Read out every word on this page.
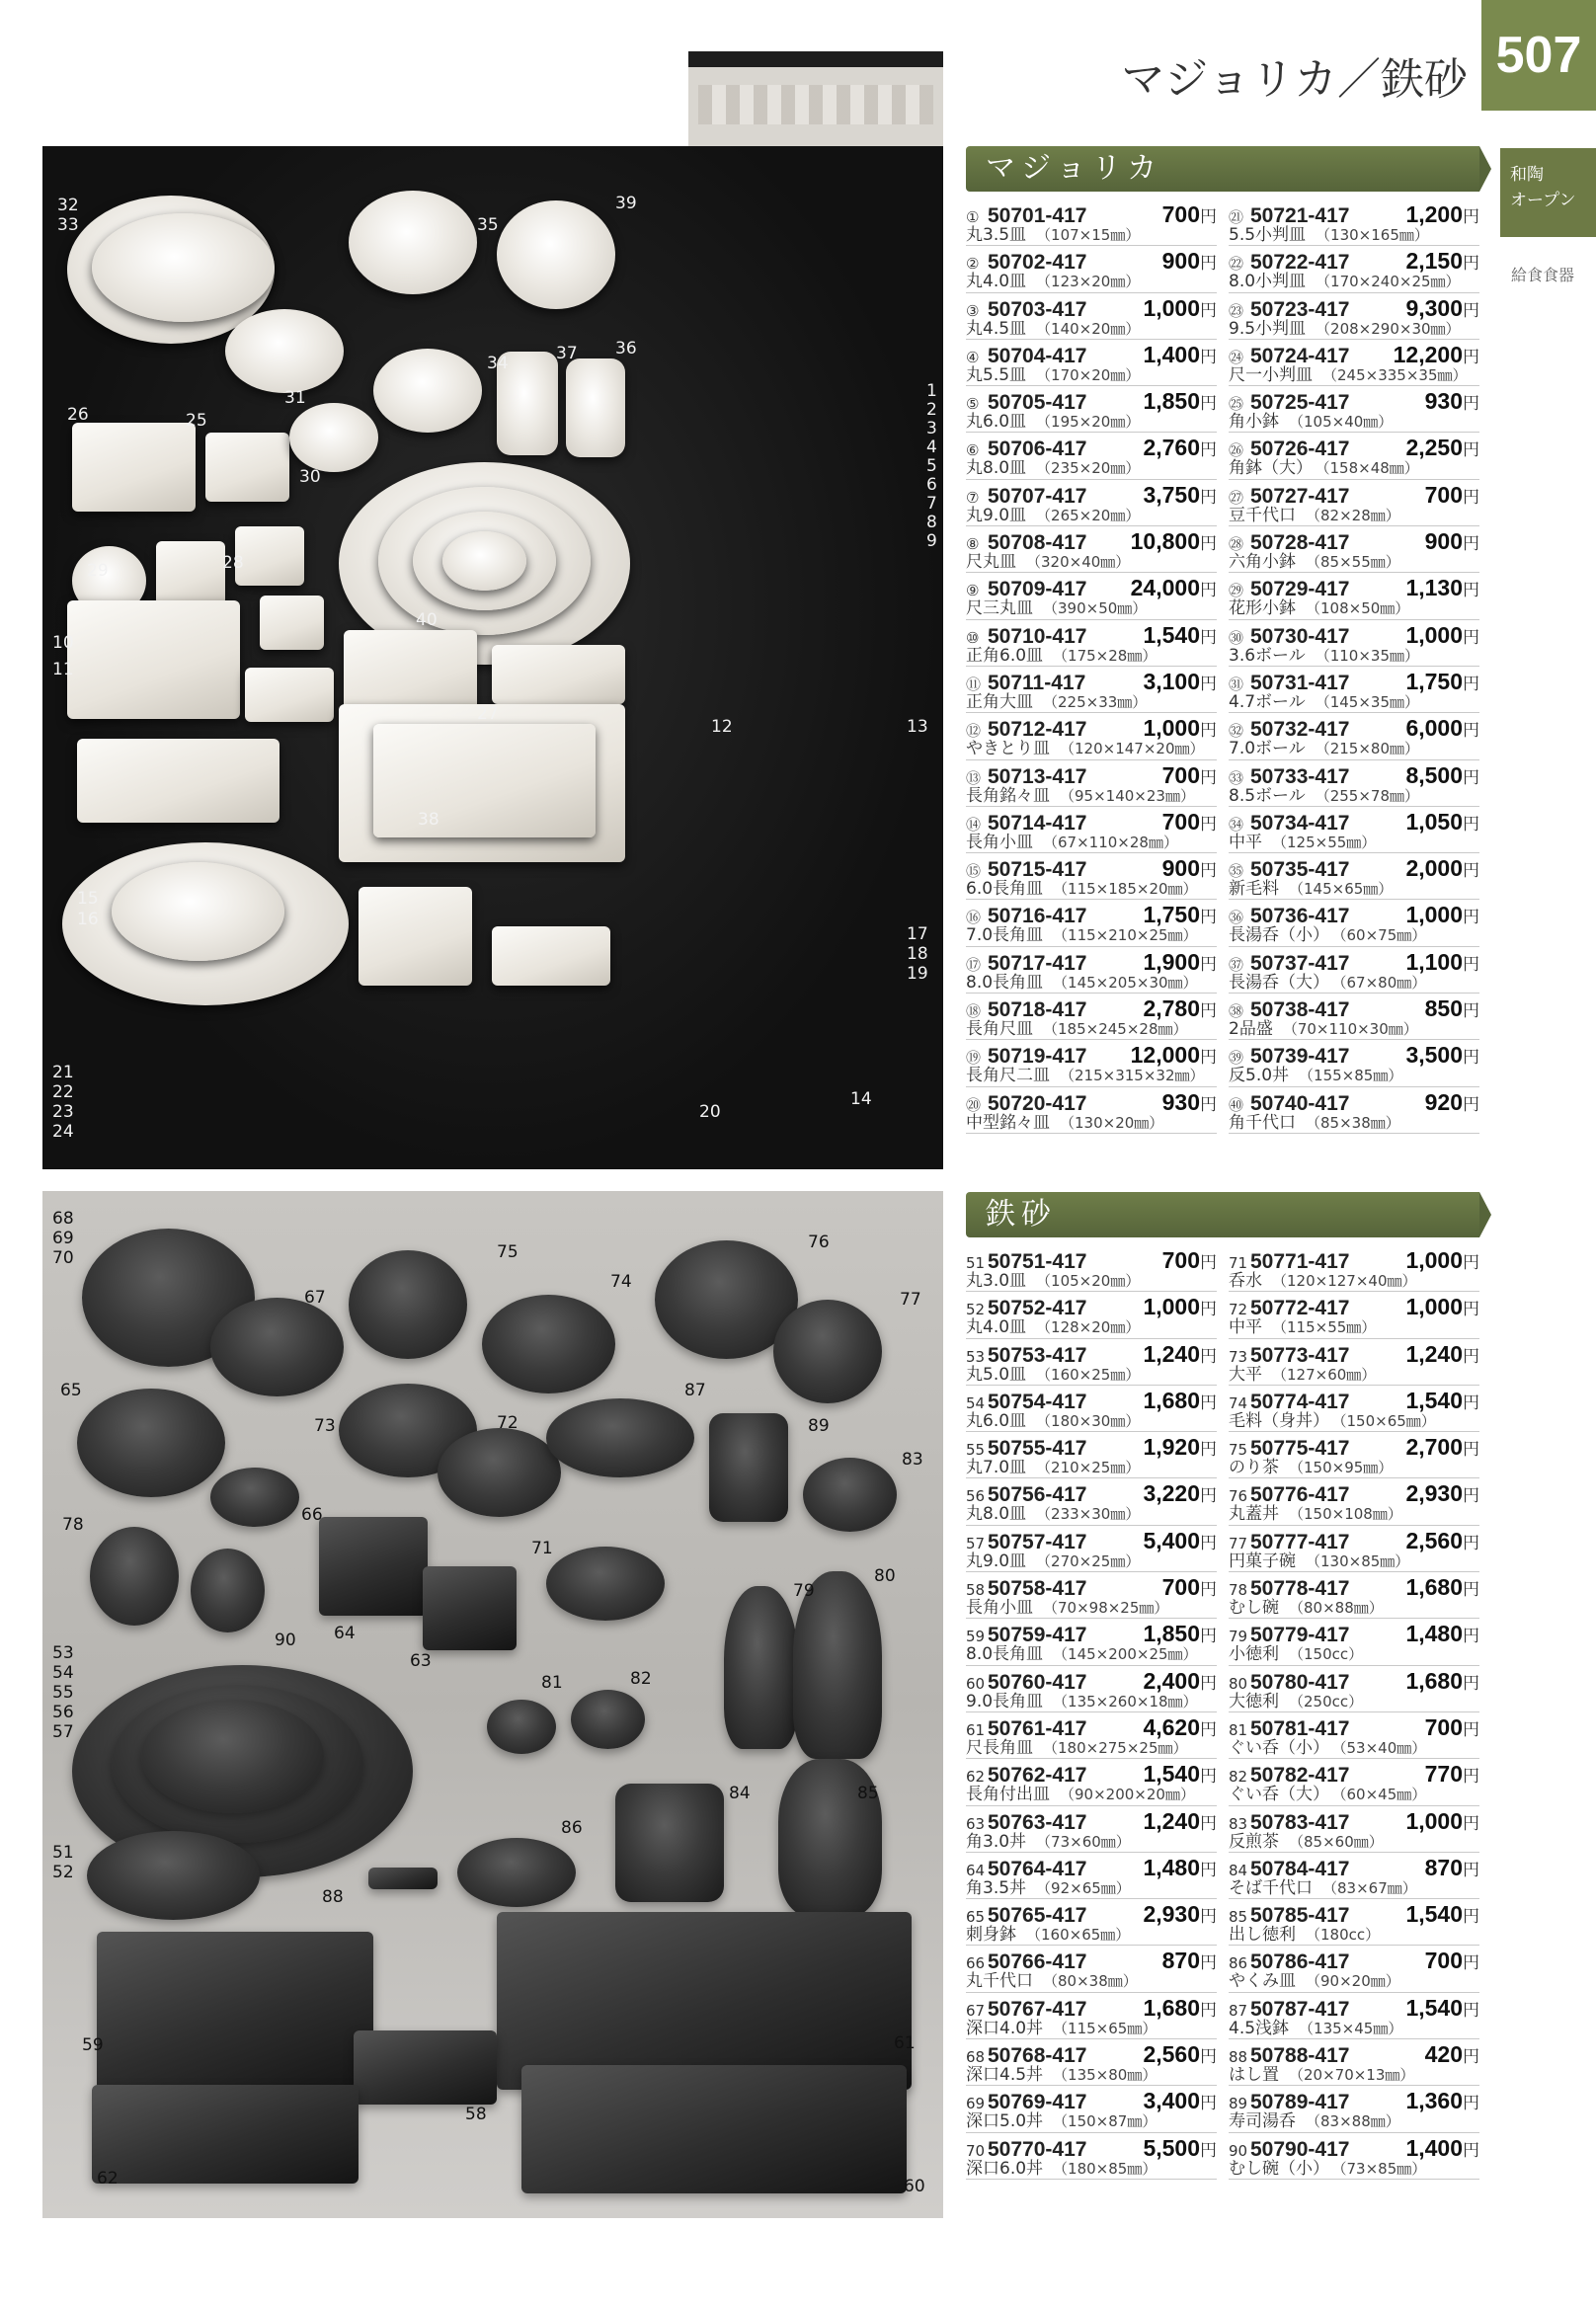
マジョリカ／鉄砂 507
和陶
オープン
給食食器
32
33
39
35
31
34	37 36
26	25
30
1
2
3
4
5
6
7
8
9
29	28
40
10
11
27
12	13
38
15
16
17
18
19
21
22
23
24
20
14
68
69
70
67
75
74
76
77
65
73	72
87
89
83
66
78
71
90 64
63
79
80
81	82
53
54
55
56
57
84	85
86
51
52
88
59	61
58
62	60
マジョリカ
① 50701-417	700円
丸3.5皿 （107×15㎜）
② 50702-417	900円
丸4.0皿 （123×20㎜）
③ 50703-417 1,000円
丸4.5皿 （140×20㎜）
④ 50704-417 1,400円
丸5.5皿 （170×20㎜）
⑤ 50705-417 1,850円
丸6.0皿 （195×20㎜）
⑥ 50706-417 2,760円
丸8.0皿 （235×20㎜）
⑦ 50707-417 3,750円
丸9.0皿 （265×20㎜）
⑧ 50708-417 10,800円
尺丸皿 （320×40㎜）
⑨ 50709-417 24,000円
尺三丸皿 （390×50㎜）
⑩ 50710-417 1,540円
正角6.0皿 （175×28㎜）
⑪ 50711-417	3,100円
正角大皿 （225×33㎜）
⑫ 50712-417 1,000円
やきとり皿 （120×147×20㎜）
⑬ 50713-417	700円
長角銘々皿 （95×140×23㎜）
⑭ 50714-417	700円
長角小皿 （67×110×28㎜）
⑮ 50715-417	900円
6.0長角皿 （115×185×20㎜）
⑯ 50716-417 1,750円
7.0長角皿 （115×210×25㎜）
⑰ 50717-417 1,900円
8.0長角皿 （145×205×30㎜）
⑱ 50718-417 2,780円
長角尺皿 （185×245×28㎜）
⑲ 50719-417 12,000円
長角尺二皿 （215×315×32㎜）
⑳ 50720-417	930円
中型銘々皿 （130×20㎜）
㉑ 50721-417 1,200円
5.5小判皿 （130×165㎜）
㉒ 50722-417 2,150円
8.0小判皿 （170×240×25㎜）
㉓ 50723-417 9,300円
9.5小判皿 （208×290×30㎜）
㉔ 50724-417 12,200円
尺一小判皿 （245×335×35㎜）
㉕ 50725-417	930円
角小鉢 （105×40㎜）
㉖ 50726-417 2,250円
角鉢（大） （158×48㎜）
㉗ 50727-417	700円
豆千代口 （82×28㎜）
㉘ 50728-417	900円
六角小鉢 （85×55㎜）
㉙ 50729-417 1,130円
花形小鉢 （108×50㎜）
㉚ 50730-417 1,000円
3.6ボール （110×35㎜）
㉛ 50731-417 1,750円
4.7ボール （145×35㎜）
㉜ 50732-417 6,000円
7.0ボール （215×80㎜）
㉝ 50733-417 8,500円
8.5ボール （255×78㎜）
㉞ 50734-417 1,050円
中平 （125×55㎜）
㉟ 50735-417 2,000円
新毛料 （145×65㎜）
㊱ 50736-417 1,000円
長湯呑（小） （60×75㎜）
㊲ 50737-417 1,100円
長湯呑（大） （67×80㎜）
㊳ 50738-417	850円
2品盛 （70×110×30㎜）
㊴ 50739-417 3,500円
反5.0丼 （155×85㎜）
㊵ 50740-417	920円
角千代口 （85×38㎜）
鉄砂
51 50751-417	700円
丸3.0皿 （105×20㎜）
52 50752-417 1,000円
丸4.0皿 （128×20㎜）
53 50753-417 1,240円
丸5.0皿 （160×25㎜）
54 50754-417 1,680円
丸6.0皿 （180×30㎜）
55 50755-417 1,920円
丸7.0皿 （210×25㎜）
56 50756-417 3,220円
丸8.0皿 （233×30㎜）
57 50757-417 5,400円
丸9.0皿 （270×25㎜）
58 50758-417	700円
長角小皿 （70×98×25㎜）
59 50759-417 1,850円
8.0長角皿 （145×200×25㎜）
60 50760-417 2,400円
9.0長角皿 （135×260×18㎜）
61 50761-417 4,620円
尺長角皿 （180×275×25㎜）
62 50762-417 1,540円
長角付出皿 （90×200×20㎜）
63 50763-417 1,240円
角3.0丼 （73×60㎜）
64 50764-417 1,480円
角3.5丼 （92×65㎜）
65 50765-417 2,930円
刺身鉢 （160×65㎜）
66 50766-417	870円
丸千代口 （80×38㎜）
67 50767-417 1,680円
深口4.0丼 （115×65㎜）
68 50768-417 2,560円
深口4.5丼 （135×80㎜）
69 50769-417 3,400円
深口5.0丼 （150×87㎜）
70 50770-417 5,500円
深口6.0丼 （180×85㎜）
71 50771-417 1,000円
呑水 （120×127×40㎜）
72 50772-417 1,000円
中平 （115×55㎜）
73 50773-417 1,240円
大平 （127×60㎜）
74 50774-417 1,540円
毛料（身丼） （150×65㎜）
75 50775-417 2,700円
のり茶 （150×95㎜）
76 50776-417 2,930円
丸蓋丼 （150×108㎜）
77 50777-417 2,560円
円菓子碗 （130×85㎜）
78 50778-417 1,680円
むし碗 （80×88㎜）
79 50779-417 1,480円
小徳利 （150cc）
80 50780-417 1,680円
大徳利 （250cc）
81 50781-417	700円
ぐい呑（小） （53×40㎜）
82 50782-417	770円
ぐい呑（大） （60×45㎜）
83 50783-417 1,000円
反煎茶 （85×60㎜）
84 50784-417	870円
そば千代口 （83×67㎜）
85 50785-417 1,540円
出し徳利 （180cc）
86 50786-417	700円
やくみ皿 （90×20㎜）
87 50787-417 1,540円
4.5浅鉢 （135×45㎜）
88 50788-417	420円
はし置 （20×70×13㎜）
89 50789-417 1,360円
寿司湯呑 （83×88㎜）
90 50790-417 1,400円
むし碗（小） （73×85㎜）
